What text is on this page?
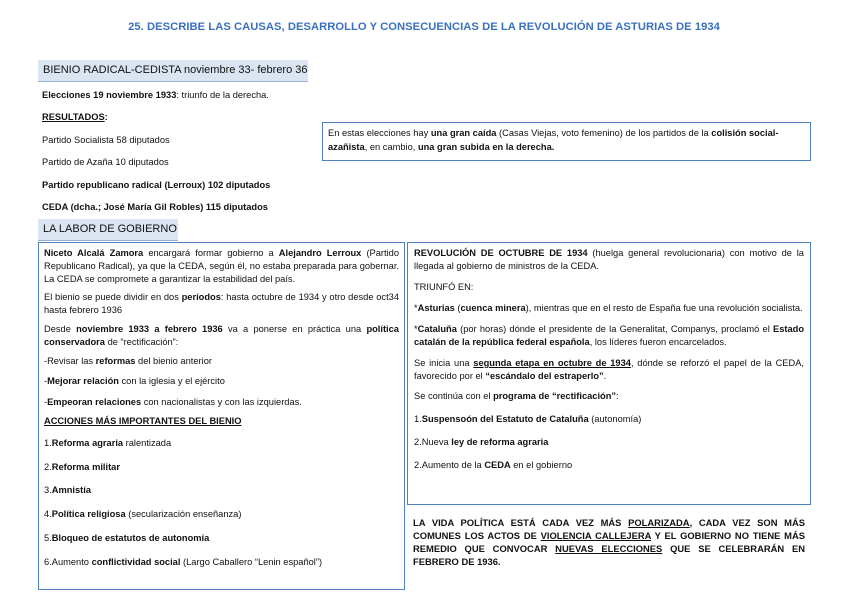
25. DESCRIBE LAS CAUSAS, DESARROLLO Y CONSECUENCIAS DE LA REVOLUCIÓN DE ASTURIAS DE 1934
BIENIO RADICAL-CEDISTA noviembre 33- febrero 36
Elecciones 19 noviembre 1933: triunfo de la derecha.
RESULTADOS:
Partido Socialista 58 diputados
Partido de Azaña 10 diputados
Partido republicano radical (Lerroux) 102 diputados
CEDA (dcha.; José María Gil Robles) 115 diputados
En estas elecciones hay una gran caída (Casas Viejas, voto femenino) de los partidos de la colisión social-azañista, en cambio, una gran subida en la derecha.
LA LABOR DE GOBIERNO

Niceto Alcalá Zamora encargará formar gobierno a Alejandro Lerroux (Partido Republicano Radical), ya que la CEDA, según él, no estaba preparada para gobernar. La CEDA se compromete a garantizar la estabilidad del país.

El bienio se puede dividir en dos períodos: hasta octubre de 1934 y otro desde oct34 hasta febrero 1936

Desde noviembre 1933 a febrero 1936 va a ponerse en práctica una política conservadora de “rectificación”:

-Revisar las reformas del bienio anterior

-Mejorar relación con la iglesia y el ejército

-Empeoran relaciones con nacionalistas y con las izquierdas.

ACCIONES MÁS IMPORTANTES DEL BIENIO

1.Reforma agraria ralentizada

2.Reforma militar

3.Amnistía

4.Política religiosa (secularización enseñanza)

5.Bloqueo de estatutos de autonomía

6.Aumento conflictividad social (Largo Caballero “Lenin español”)

REVOLUCIÓN DE OCTUBRE DE 1934 (huelga general revolucionaria) con motivo de la llegada al gobierno de ministros de la CEDA.

TRIUNFÓ EN:

*Asturias (cuenca minera), mientras que en el resto de España fue una revolución socialista.

*Cataluña (por horas) dónde el presidente de la Generalitat, Companys, proclamó el Estado catalán de la república federal española, los líderes fueron encarcelados.

Se inicia una segunda etapa en octubre de 1934, dónde se reforzó el papel de la CEDA, favorecido por el “escándalo del estraperlo”.

Se continúa con el programa de “rectificación”:

1.Suspensoón del Estatuto de Cataluña (autonomía)

2.Nueva ley de reforma agraria

2.Aumento de la CEDA en el gobierno

LA VIDA POLÍTICA ESTÁ CADA VEZ MÁS POLARIZADA, CADA VEZ SON MÁS COMUNES LOS ACTOS DE VIOLENCIA CALLEJERA Y EL GOBIERNO NO TIENE MÁS REMEDIO QUE CONVOCAR NUEVAS ELECCIONES QUE SE CELEBRARÁN EN FEBRERO DE 1936.
